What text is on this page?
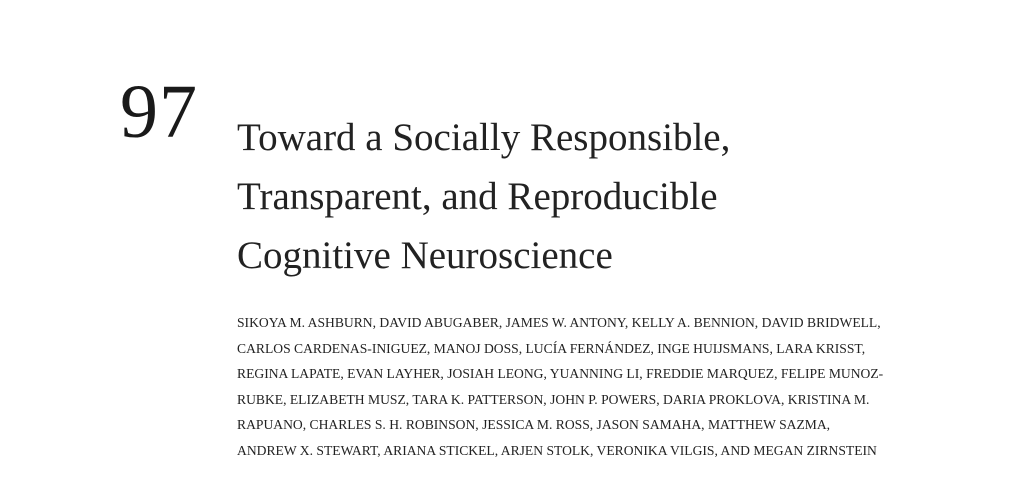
97 Toward a Socially Responsible,
Transparent, and Reproducible
Cognitive Neuroscience
SIKOYA M. ASHBURN, DAVID ABUGABER, JAMES W. ANTONY, KELLY A. BENNION, DAVID BRIDWELL,
CARLOS CARDENAS-INIGUEZ, MANOJ DOSS, LUCÍA FERNÁNDEZ, INGE HUIJSMANS, LARA KRISST,
REGINA LAPATE, EVAN LAYHER, JOSIAH LEONG, YUANNING LI, FREDDIE MARQUEZ, FELIPE MUNOZ-
RUBKE, ELIZABETH MUSZ, TARA K. PATTERSON, JOHN P. POWERS, DARIA PROKLOVA, KRISTINA M.
RAPUANO, CHARLES S. H. ROBINSON, JESSICA M. ROSS, JASON SAMAHA, MATTHEW SAZMA,
ANDREW X. STEWART, ARIANA STICKEL, ARJEN STOLK, VERONIKA VILGIS, AND MEGAN ZIRNSTEIN
